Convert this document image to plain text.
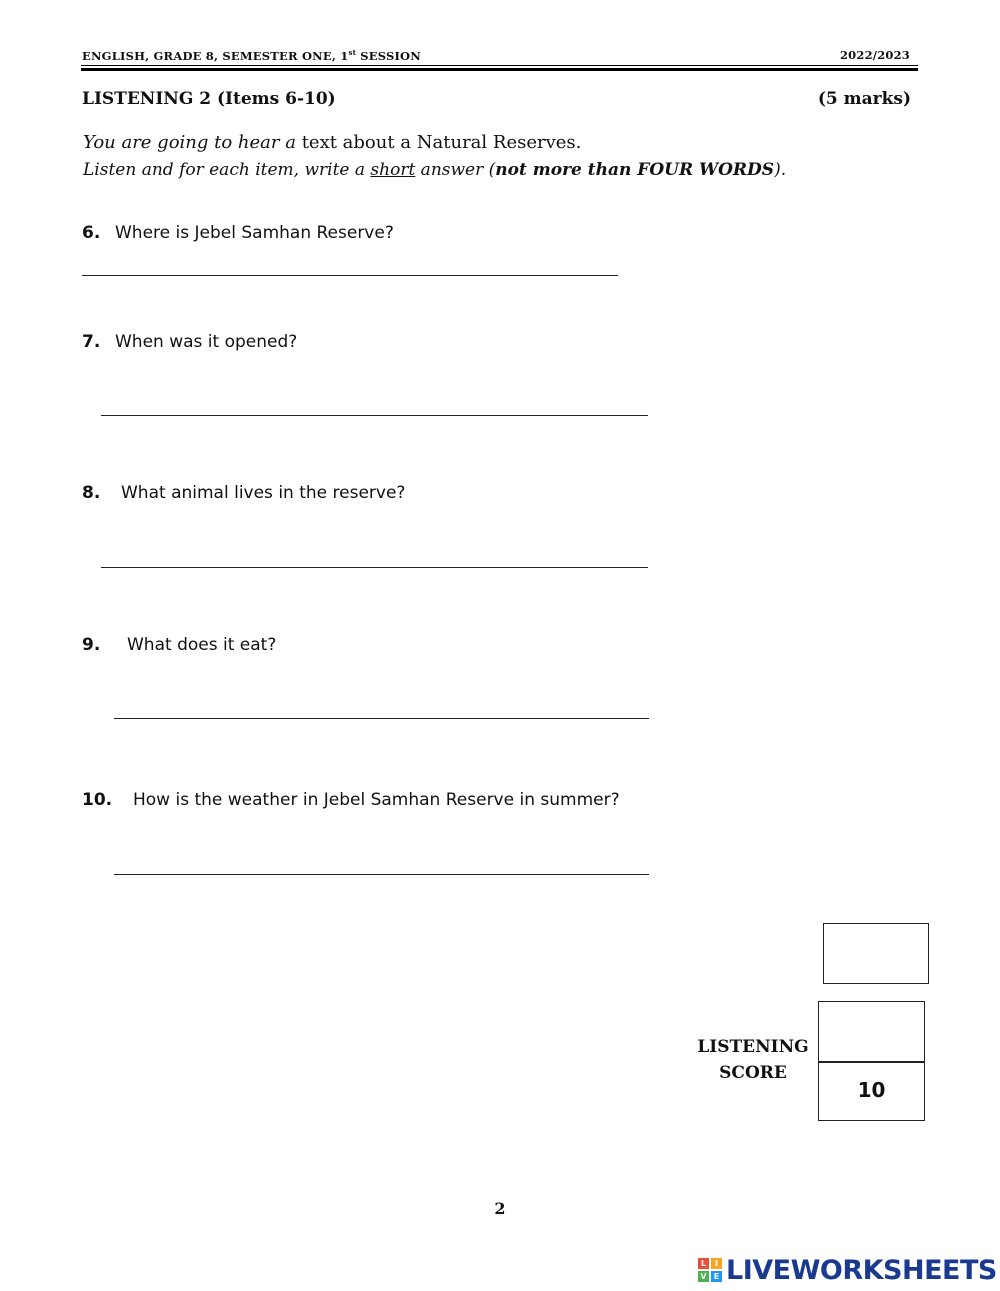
ENGLISH, GRADE 8, SEMESTER ONE, 1st SESSION	2022/2023
LISTENING 2 (Items 6-10)	(5 marks)
You are going to hear a text about a Natural Reserves.
Listen and for each item, write a short answer (not more than FOUR WORDS).
6. Where is Jebel Samhan Reserve?
7. When was it opened?
8. What animal lives in the reserve?
9. What does it eat?
10. How is the weather in Jebel Samhan Reserve in summer?
10
LISTENING
SCORE
2
L	I
V E LIVEWORKSHEETS
